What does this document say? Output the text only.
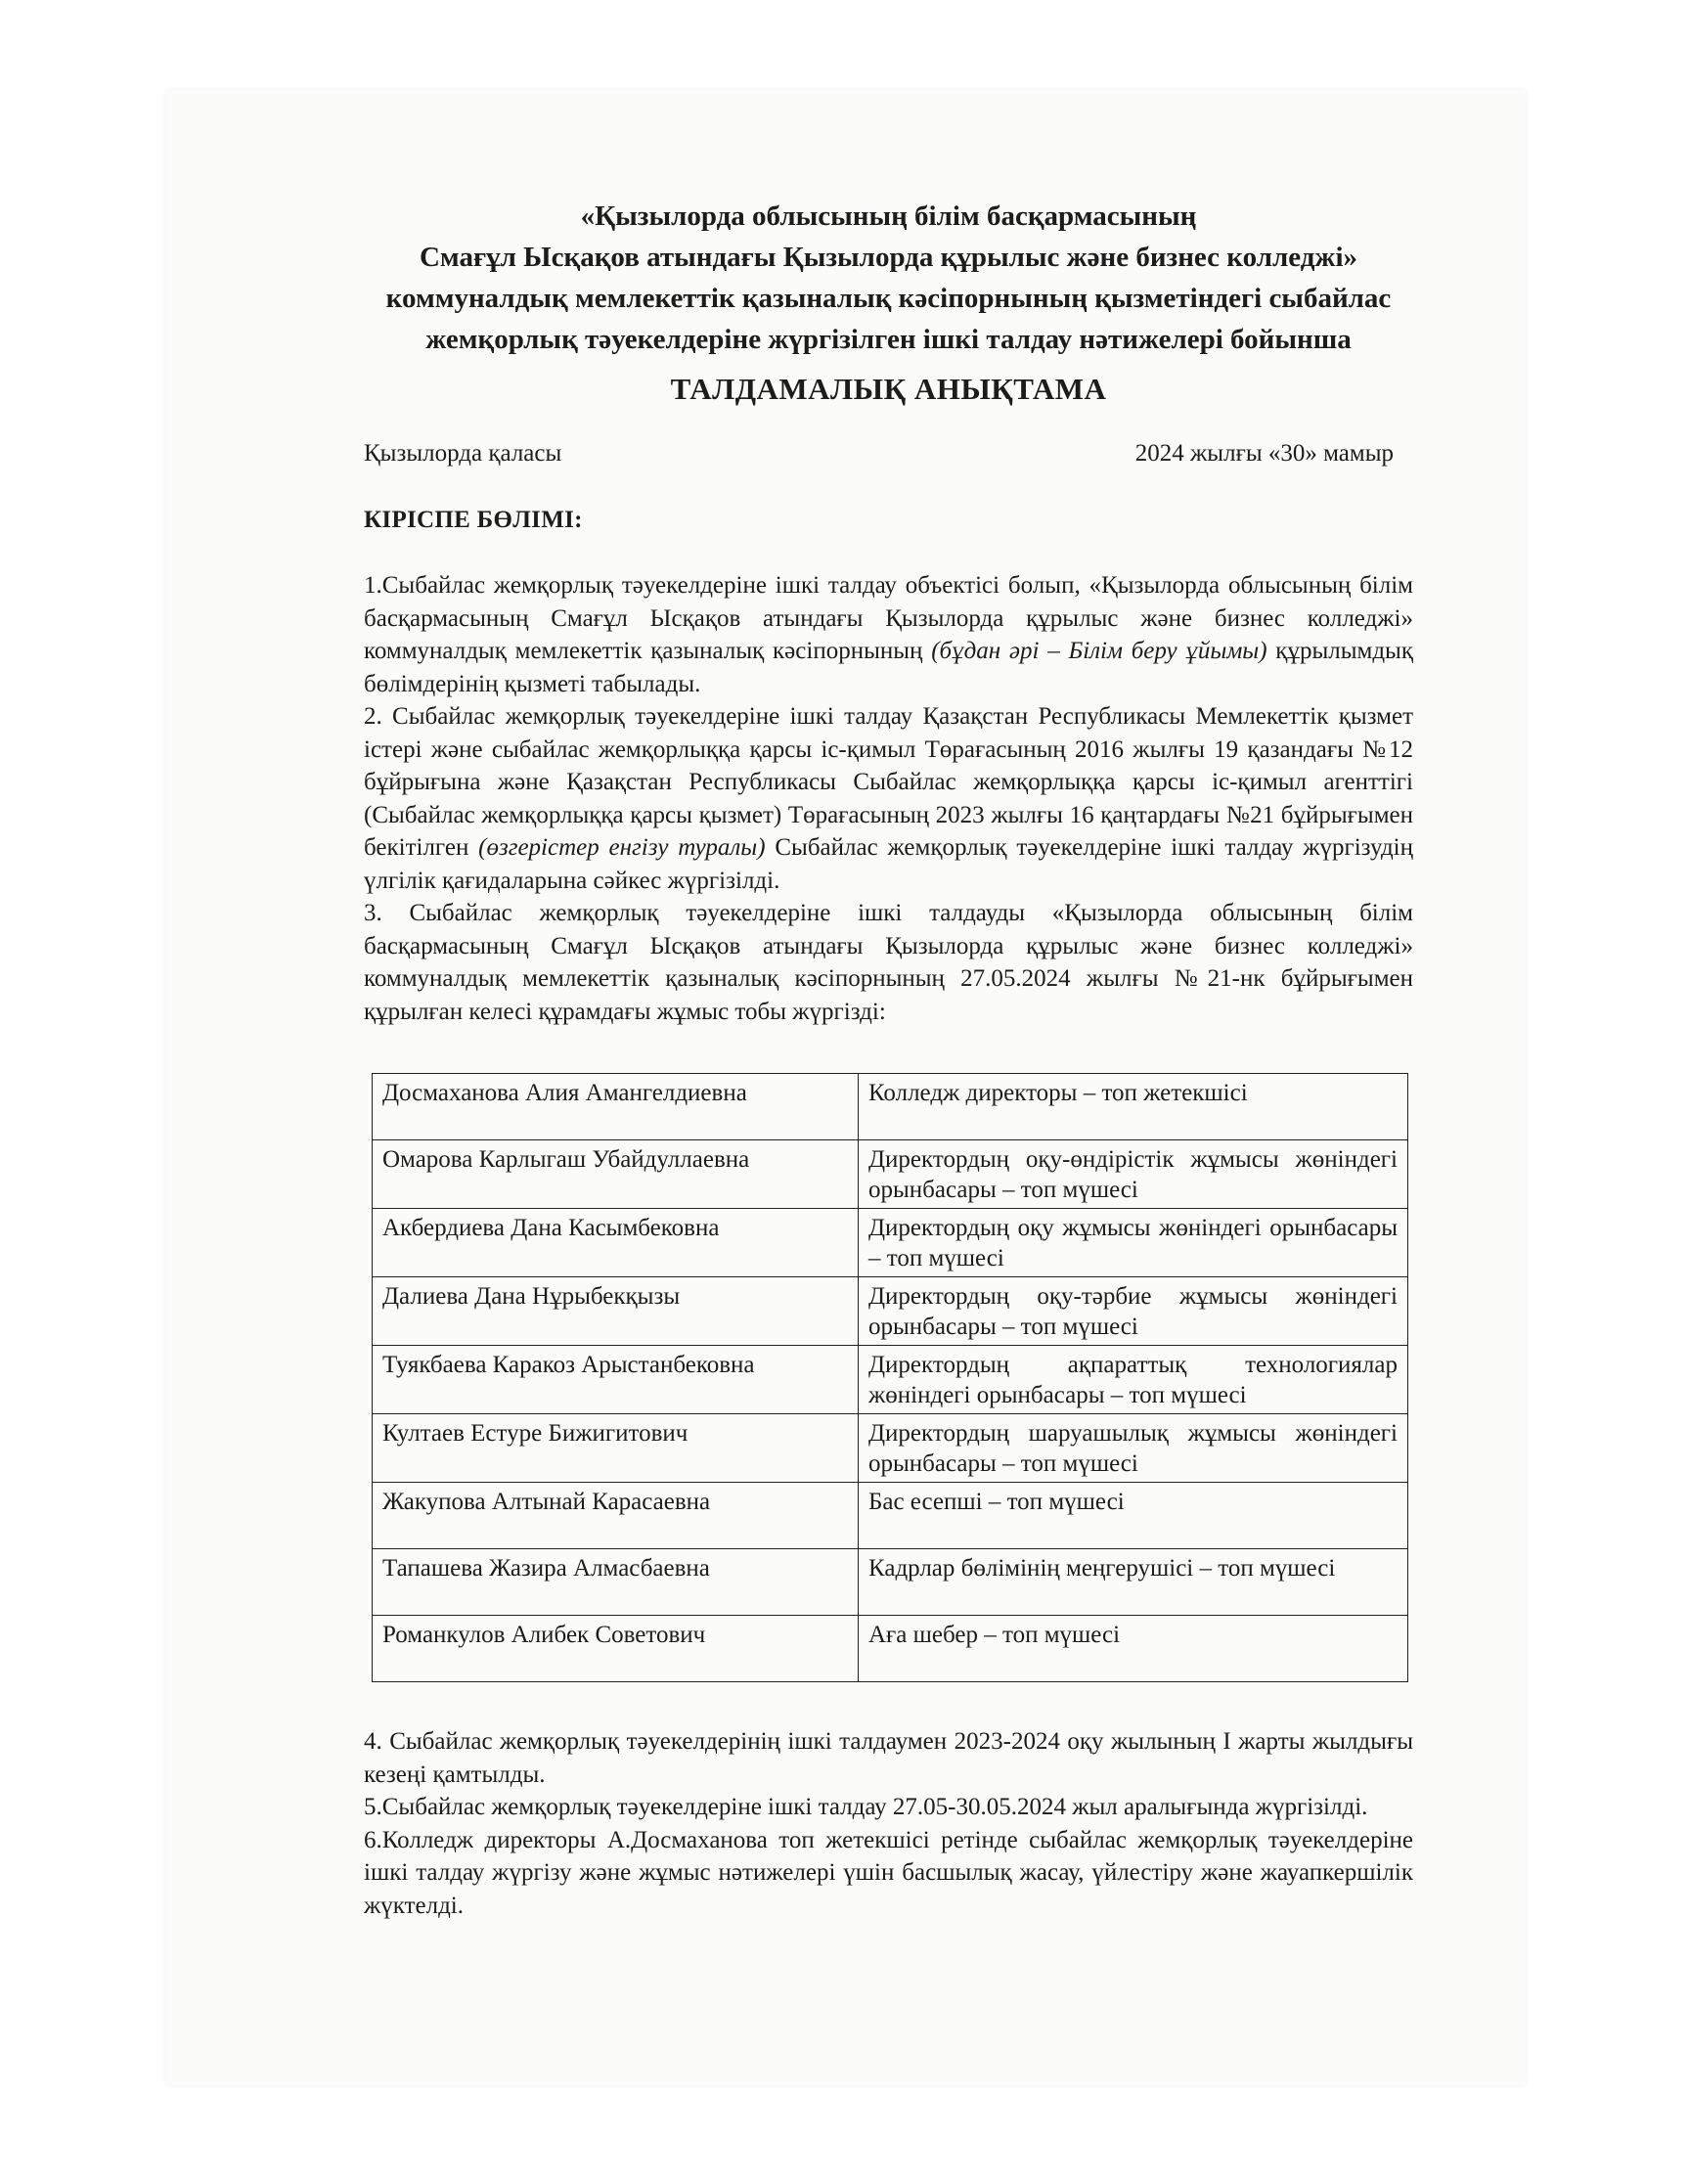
«Қызылорда облысының білім басқармасының
Смағұл Ысқақов атындағы Қызылорда құрылыс және бизнес колледжі»
коммуналдық мемлекеттік қазыналық кәсіпорнының қызметіндегі сыбайлас
жемқорлық тәуекелдеріне жүргізілген ішкі талдау нәтижелері бойынша
ТАЛДАМАЛЫҚ АНЫҚТАМА
Қызылорда қаласы	2024 жылғы «30» мамыр
КІРІСПЕ БӨЛІМІ:

1.Сыбайлас жемқорлық тәуекелдеріне ішкі талдау объектісі болып, «Қызылорда облысының білім басқармасының Смағұл Ысқақов атындағы Қызылорда құрылыс және бизнес колледжі» коммуналдық мемлекеттік қазыналық кәсіпорнының (бұдан әрі – Білім беру ұйымы) құрылымдық бөлімдерінің қызметі табылады.

2. Сыбайлас жемқорлық тәуекелдеріне ішкі талдау Қазақстан Республикасы Мемлекеттік қызмет істері және сыбайлас жемқорлыққа қарсы іс-қимыл Төрағасының 2016 жылғы 19 қазандағы №12 бұйрығына және Қазақстан Республикасы Сыбайлас жемқорлыққа қарсы іс-қимыл агенттігі (Сыбайлас жемқорлыққа қарсы қызмет) Төрағасының 2023 жылғы 16 қаңтардағы №21 бұйрығымен бекітілген (өзгерістер енгізу туралы) Сыбайлас жемқорлық тәуекелдеріне ішкі талдау жүргізудің үлгілік қағидаларына сәйкес жүргізілді.

3. Сыбайлас жемқорлық тәуекелдеріне ішкі талдауды «Қызылорда облысының білім басқармасының Смағұл Ысқақов атындағы Қызылорда құрылыс және бизнес колледжі» коммуналдық мемлекеттік қазыналық кәсіпорнының 27.05.2024 жылғы №21-нк бұйрығымен құрылған келесі құрамдағы жұмыс тобы жүргізді:

Досмаханова Алия Амангелдиевна	Колледж директоры – топ жетекшісі
Омарова Карлыгаш Убайдуллаевна	Директордың оқу-өндірістік жұмысы жөніндегі орынбасары – топ мүшесі
Акбердиева Дана Касымбековна	Директордың оқу жұмысы жөніндегі орынбасары – топ мүшесі
Далиева Дана Нұрыбекқызы	Директордың оқу-тәрбие жұмысы жөніндегі орынбасары – топ мүшесі
Туякбаева Каракоз Арыстанбековна	Директордың ақпараттық технологиялар жөніндегі орынбасары – топ мүшесі
Култаев Естуре Бижигитович	Директордың шаруашылық жұмысы жөніндегі орынбасары – топ мүшесі
Жакупова Алтынай Карасаевна	Бас есепші – топ мүшесі
Тапашева Жазира Алмасбаевна	Кадрлар бөлімінің меңгерушісі – топ мүшесі
Романкулов Алибек Советович	Аға шебер – топ мүшесі

4. Сыбайлас жемқорлық тәуекелдерінің ішкі талдаумен 2023-2024 оқу жылының І жарты жылдығы кезеңі қамтылды.

5.Сыбайлас жемқорлық тәуекелдеріне ішкі талдау 27.05-30.05.2024 жыл аралығында жүргізілді.

6.Колледж директоры А.Досмаханова топ жетекшісі ретінде сыбайлас жемқорлық тәуекелдеріне ішкі талдау жүргізу және жұмыс нәтижелері үшін басшылық жасау, үйлестіру және жауапкершілік жүктелді.
